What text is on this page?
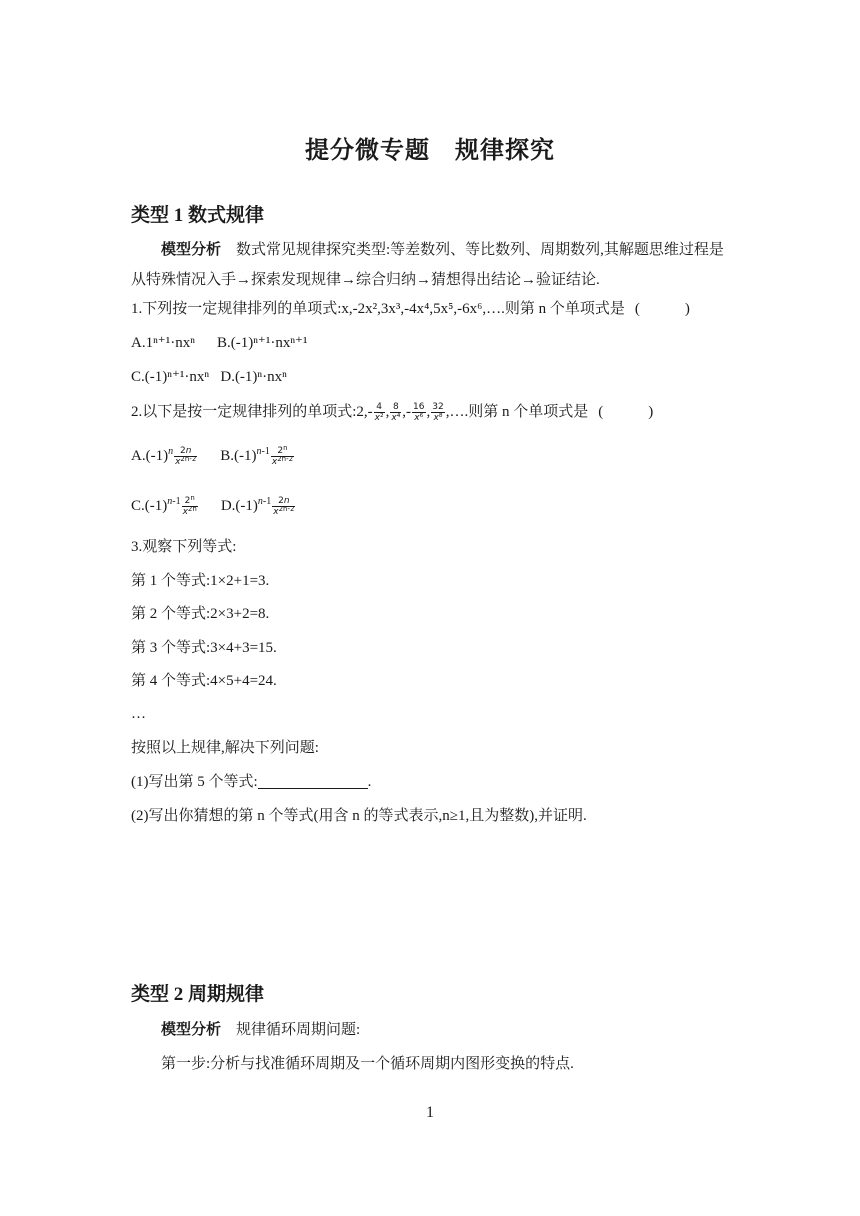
提分微专题　规律探究
类型 1 数式规律
模型分析 数式常见规律探究类型:等差数列、等比数列、周期数列,其解题思维过程是
从特殊情况入手→探索发现规律→综合归纳→猜想得出结论→验证结论.
1.下列按一定规律排列的单项式:x,-2x²,3x³,-4x⁴,5x⁵,-6x⁶,….则第 n 个单项式是 (　　　)
A.1ⁿ⁺¹·nxⁿ B.(-1)ⁿ⁺¹·nxⁿ⁺¹
C.(-1)ⁿ⁺¹·nxⁿ D.(-1)ⁿ·nxⁿ
2.以下是按一定规律排列的单项式:2,- $\frac{4}{\text{x²}}$ , $\frac{8}{\text{x⁴}}$ ,- $\frac{16}{\text{x⁶}}$ , $\frac{32}{\text{x⁸}}$ ,….则第 n 个单项式是 (　　　)
$A.(-1)^n \frac{2n}{x^{2n-2}} B.(-1)^{n-1} \frac{2^n}{x^{2n-2}}$
$C.(-1)^{n-1} \frac{2^n}{x^{2n}} D.(-1)^{n-1} \frac{2n}{x^{2n-2}}$
3.观察下列等式:
第 1 个等式:1×2+1=3.
第 2 个等式:2×3+2=8.
第 3 个等式:3×4+3=15.
第 4 个等式:4×5+4=24.
…
按照以上规律,解决下列问题:
(1)写出第 5 个等式:	.
(2)写出你猜想的第 n 个等式(用含 n 的等式表示,n≥1,且为整数),并证明.
类型 2 周期规律
模型分析 规律循环周期问题:
第一步:分析与找准循环周期及一个循环周期内图形变换的特点.
1
